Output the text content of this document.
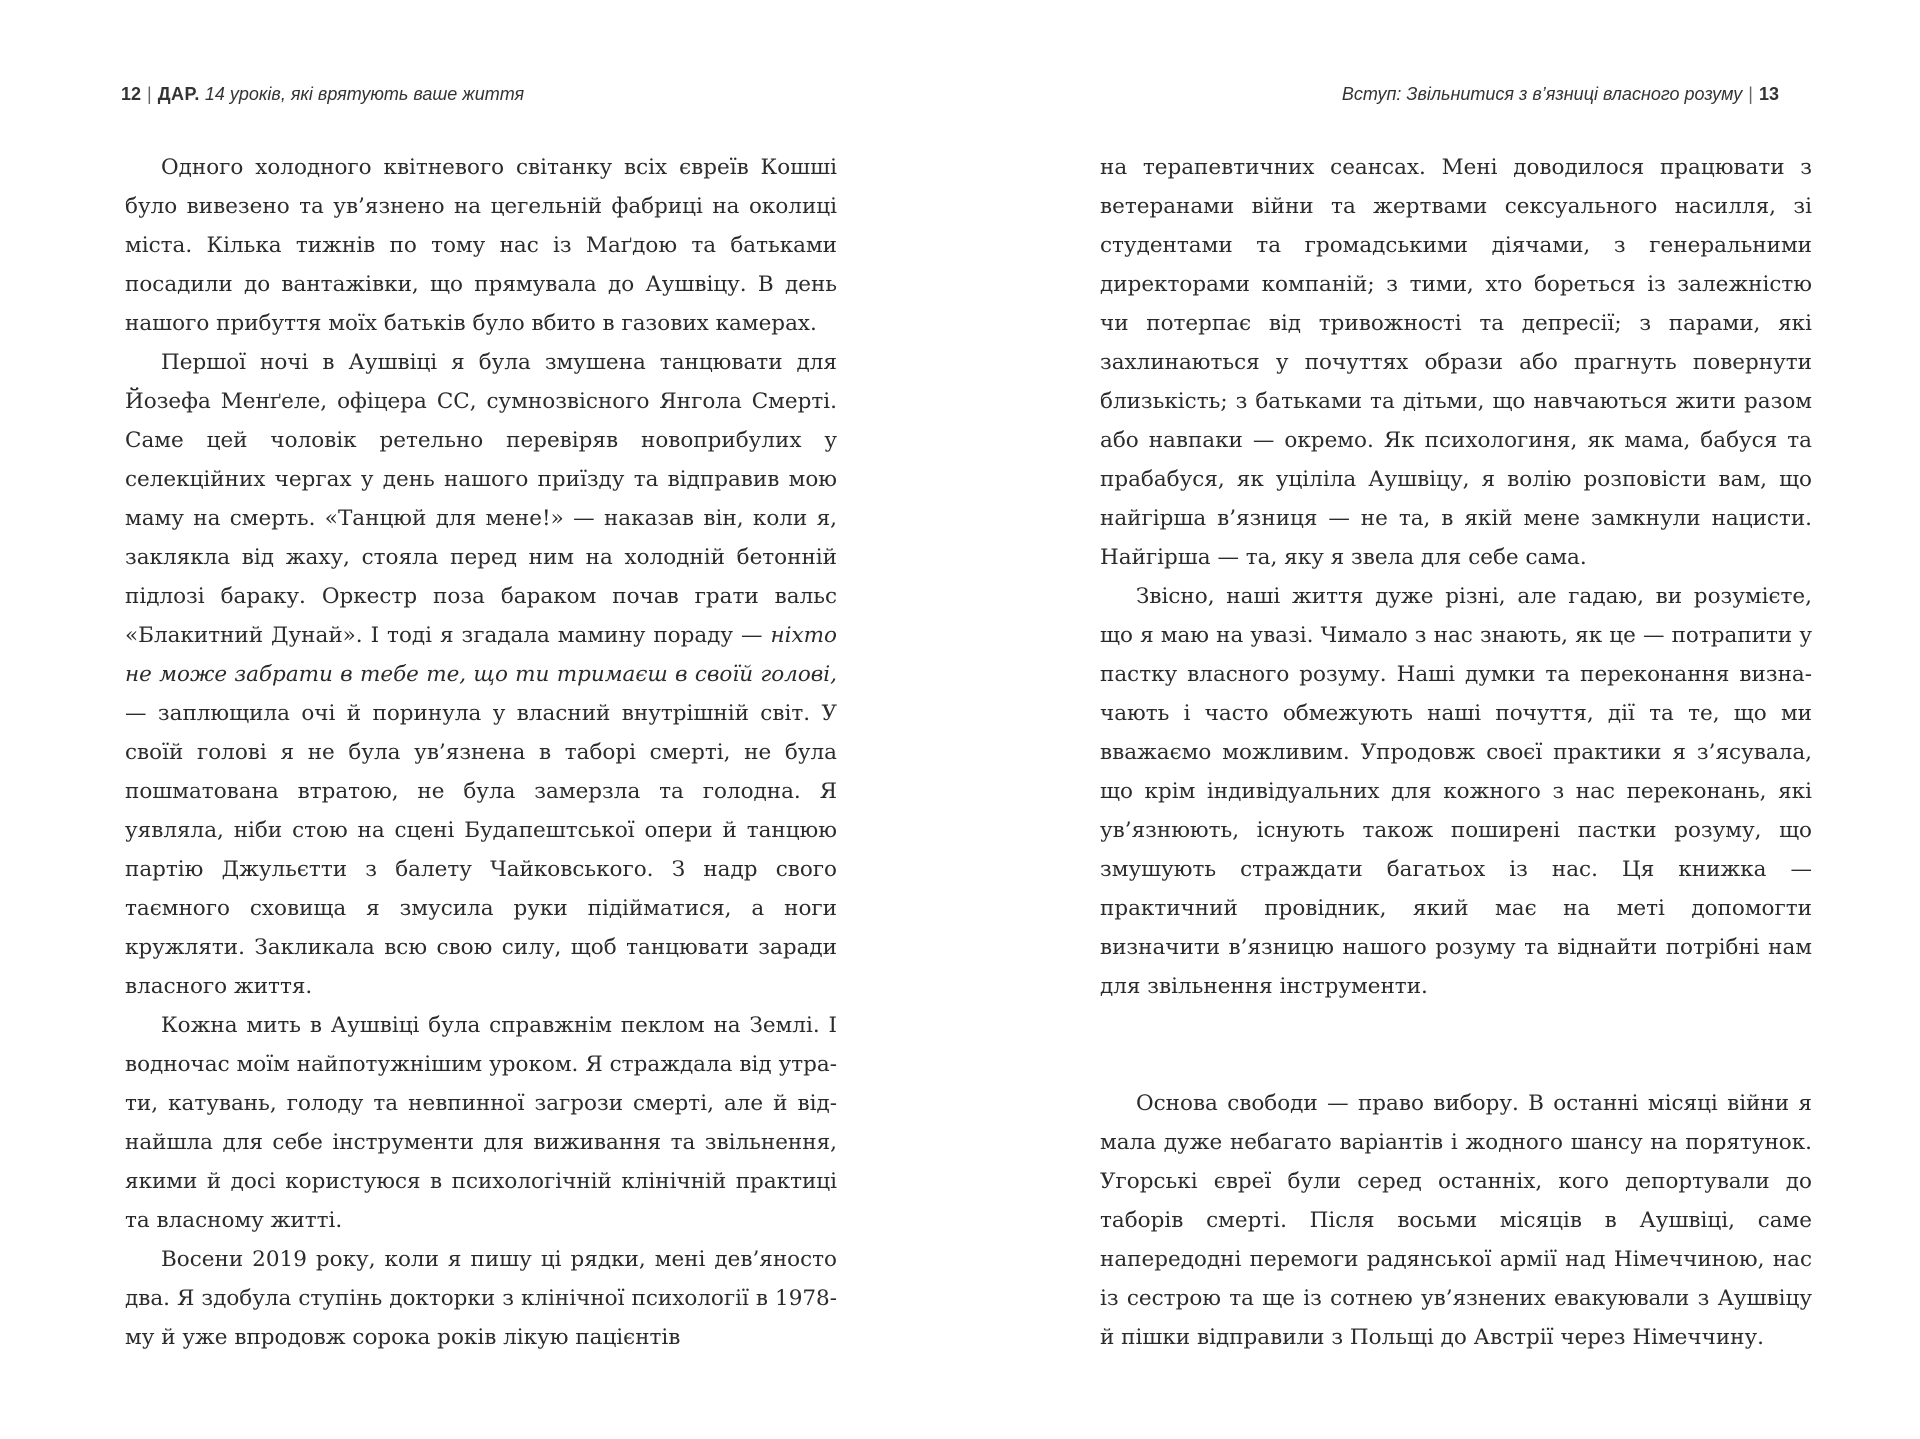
12 | ДАР. 14 уроків, які врятують ваше життя

Одного холодного квітневого світанку всіх євреїв Кошші було вивезено та ув’язнено на цегельній фабриці на околиці міста. Кілька тижнів по тому нас із Маґдою та батьками посадили до вантажівки, що прямувала до Аушвіцу. В день нашого прибуття моїх батьків було вбито в газових камерах.

Першої ночі в Аушвіці я була змушена танцювати для Йозефа Менґеле, офіцера СС, сумнозвісного Янгола Смерті. Саме цей чоловік ретельно перевіряв новоприбулих у селекційних чергах у день нашого приїзду та відправив мою маму на смерть. «Танцюй для мене!» — наказав він, коли я, заклякла від жаху, стояла перед ним на холодній бетонній підлозі бараку. Оркестр поза бараком почав грати вальс «Блакитний Дунай». І тоді я згадала мамину пораду — ніхто не може забрати в тебе те, що ти тримаєш в своїй голові, — заплющила очі й поринула у власний внутрішній світ. У своїй голові я не була ув’язнена в таборі смерті, не була пошматована втратою, не була замерзла та голодна. Я уявляла, ніби стою на сцені Будапештської опери й танцюю партію Джульєтти з балету Чайковського. З надр свого таємного сховища я змусила руки підійматися, а ноги кружляти. Закликала всю свою силу, щоб танцювати заради власного життя.

Кожна мить в Аушвіці була справжнім пеклом на Землі. І водночас моїм найпотужнішим уроком. Я страждала від утрати, катувань, голоду та невпинної загрози смерті, але й віднайшла для себе інструменти для виживання та звільнення, якими й досі користуюся в психологічній клінічній практиці та власному житті.

Восени 2019 року, коли я пишу ці рядки, мені дев’яносто два. Я здобула ступінь докторки з клінічної психології в 1978-му й уже впродовж сорока років лікую пацієнтів

Вступ: Звільнитися з в’язниці власного розуму | 13

на терапевтичних сеансах. Мені доводилося працювати з ветеранами війни та жертвами сексуального насилля, зі студентами та громадськими діячами, з генеральними директорами компаній; з тими, хто бореться із залежністю чи потерпає від тривожності та депресії; з парами, які захлинаються у почуттях образи або прагнуть повернути близькість; з батьками та дітьми, що навчаються жити разом або навпаки — окремо. Як психологиня, як мама, бабуся та прабабуся, як уціліла Аушвіцу, я волію розповісти вам, що найгірша в’язниця — не та, в якій мене замкнули нацисти. Найгірша — та, яку я звела для себе сама.

Звісно, наші життя дуже різні, але гадаю, ви розумієте, що я маю на увазі. Чимало з нас знають, як це — потрапити у пастку власного розуму. Наші думки та переконання визначають і часто обмежують наші почуття, дії та те, що ми вважаємо можливим. Упродовж своєї практики я з’ясувала, що крім індивідуальних для кожного з нас переконань, які ув’язнюють, існують також поширені пастки розуму, що змушують страждати багатьох із нас. Ця книжка — практичний провідник, який має на меті допомогти визначити в’язницю нашого розуму та віднайти потрібні нам для звільнення інструменти.

Основа свободи — право вибору. В останні місяці війни я мала дуже небагато варіантів і жодного шансу на порятунок. Угорські євреї були серед останніх, кого депортували до таборів смерті. Після восьми місяців в Аушвіці, саме напередодні перемоги радянської армії над Німеччиною, нас із сестрою та ще із сотнею ув’язнених евакуювали з Аушвіцу й пішки відправили з Польщі до Австрії через Німеччину.
